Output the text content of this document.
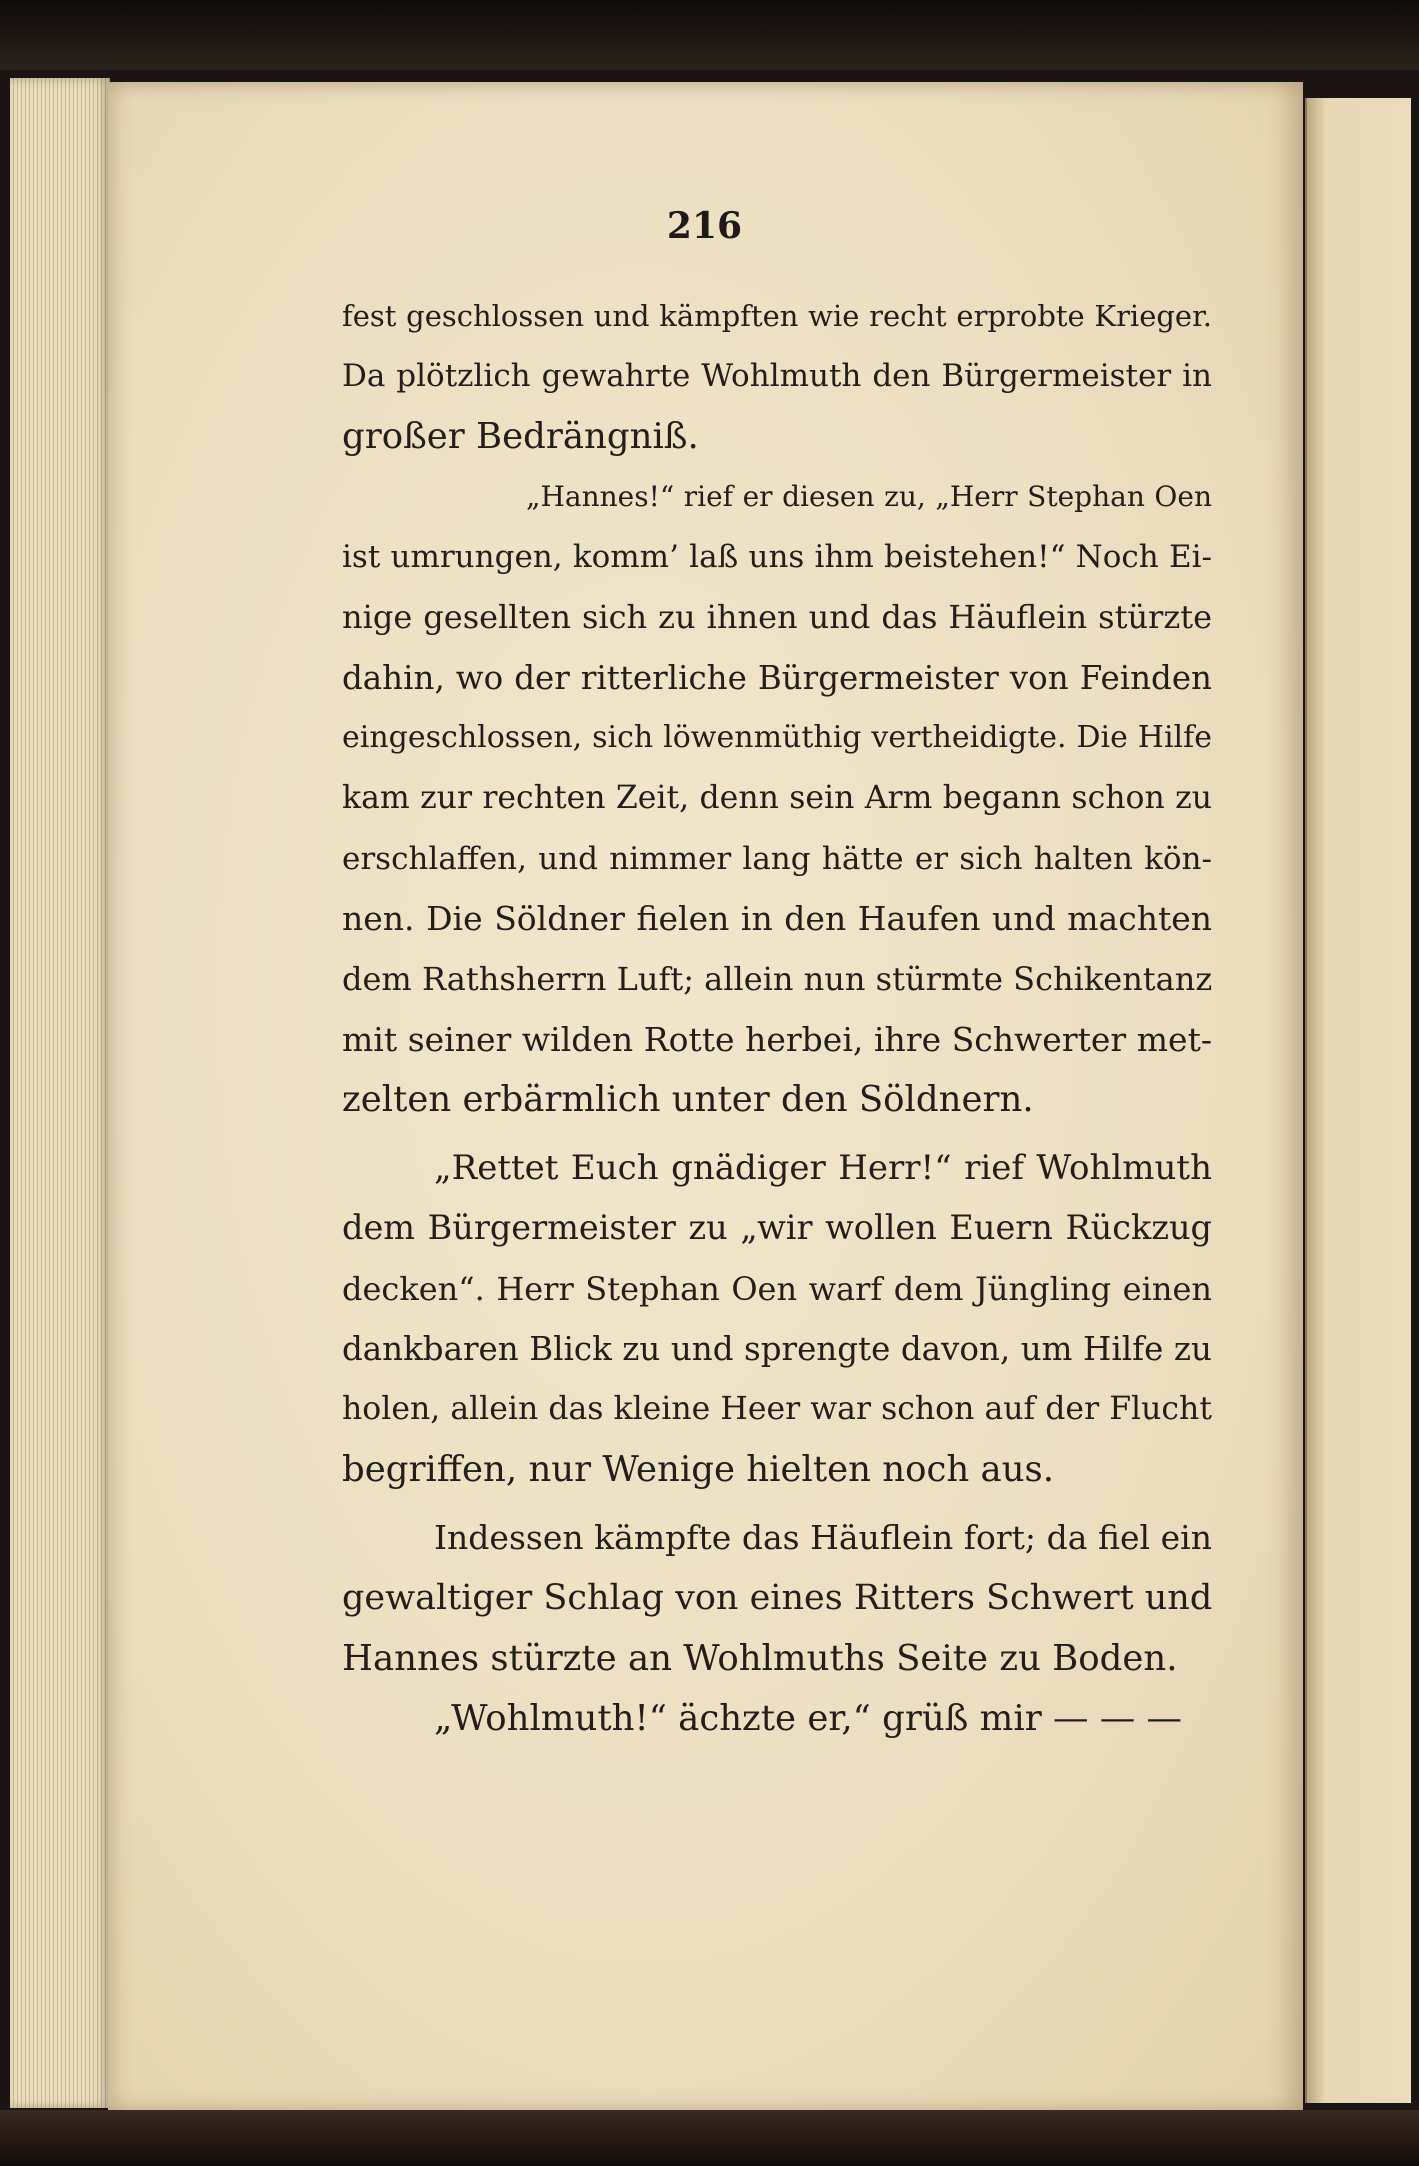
216

fest geschlossen und kämpften wie recht erprobte Krieger.
Da plötzlich gewahrte Wohlmuth den Bürgermeister in
großer Bedrängniß.

„Hannes!“ rief er diesen zu, „Herr Stephan Oen
ist umrungen, komm’ laß uns ihm beistehen!“ Noch Ei-
nige gesellten sich zu ihnen und das Häuflein stürzte
dahin, wo der ritterliche Bürgermeister von Feinden
eingeschlossen, sich löwenmüthig vertheidigte. Die Hilfe
kam zur rechten Zeit, denn sein Arm begann schon zu
erschlaffen, und nimmer lang hätte er sich halten kön-
nen. Die Söldner fielen in den Haufen und machten
dem Rathsherrn Luft; allein nun stürmte Schikentanz
mit seiner wilden Rotte herbei, ihre Schwerter met-
zelten erbärmlich unter den Söldnern.

„Rettet Euch gnädiger Herr!“ rief Wohlmuth
dem Bürgermeister zu „wir wollen Euern Rückzug
decken“. Herr Stephan Oen warf dem Jüngling einen
dankbaren Blick zu und sprengte davon, um Hilfe zu
holen, allein das kleine Heer war schon auf der Flucht
begriffen, nur Wenige hielten noch aus.

Indessen kämpfte das Häuflein fort; da fiel ein
gewaltiger Schlag von eines Ritters Schwert und
Hannes stürzte an Wohlmuths Seite zu Boden.

„Wohlmuth!“ ächzte er,“ grüß mir — — —
